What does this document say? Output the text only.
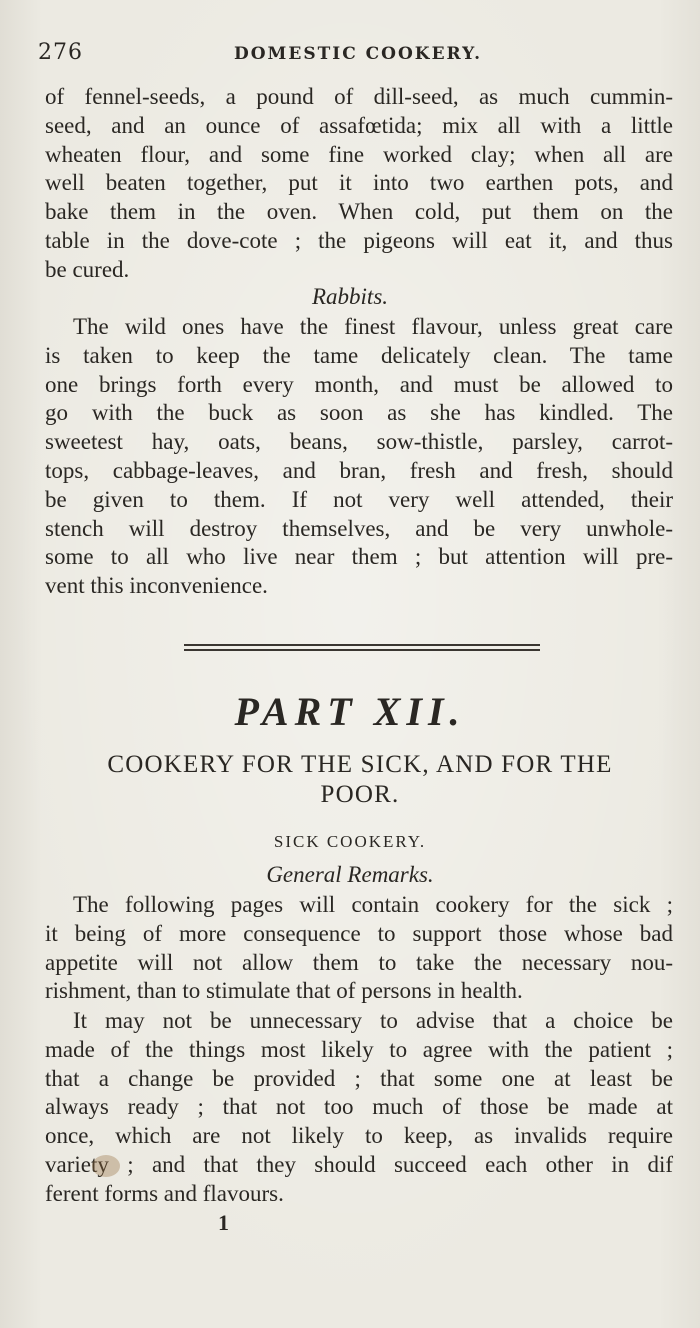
276	DOMESTIC COOKERY.

of fennel-seeds, a pound of dill-seed, as much cummin-
seed, and an ounce of assafœtida; mix all with a little
wheaten flour, and some fine worked clay; when all are
well beaten together, put it into two earthen pots, and
bake them in the oven. When cold, put them on the
table in the dove-cote ; the pigeons will eat it, and thus
be cured.

Rabbits.

The wild ones have the finest flavour, unless great care
is taken to keep the tame delicately clean. The tame
one brings forth every month, and must be allowed to
go with the buck as soon as she has kindled. The
sweetest hay, oats, beans, sow-thistle, parsley, carrot-
tops, cabbage-leaves, and bran, fresh and fresh, should
be given to them. If not very well attended, their
stench will destroy themselves, and be very unwhole-
some to all who live near them ; but attention will pre-
vent this inconvenience.

PART XII.
COOKERY FOR THE SICK, AND FOR THE
POOR.
SICK COOKERY.
General Remarks.

The following pages will contain cookery for the sick ;
it being of more consequence to support those whose bad
appetite will not allow them to take the necessary nou-
rishment, than to stimulate that of persons in health.

It may not be unnecessary to advise that a choice be
made of the things most likely to agree with the patient ;
that a change be provided ; that some one at least be
always ready ; that not too much of those be made at
once, which are not likely to keep, as invalids require
variety ; and that they should succeed each other in dif
ferent forms and flavours.

1
